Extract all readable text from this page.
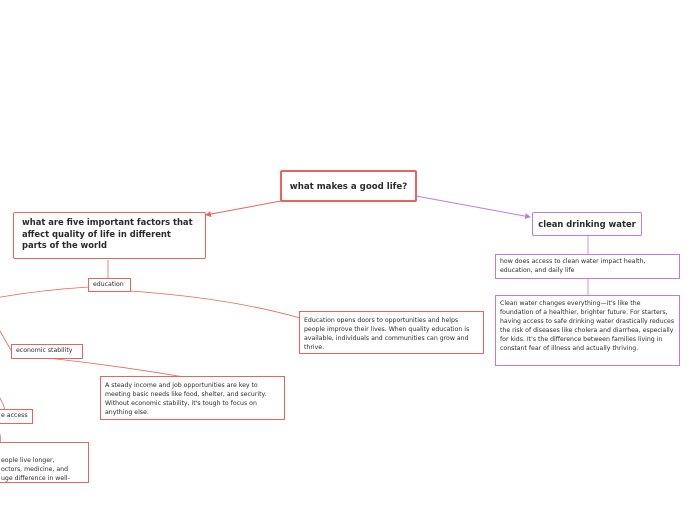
what makes a good life?
what are five important factors that affect quality of life in different parts of the world
clean drinking water
education
Education opens doors to opportunities and helps people improve their lives. When quality education is available, individuals and communities can grow and thrive.
economic stability
A steady income and job opportunities are key to meeting basic needs like food, shelter, and security. Without economic stability, it's tough to focus on anything else.
e access

eople live longer,
octors, medicine, and
uge difference in well-

how does access to clean water impact health, education, and daily life
Clean water changes everything—it's like the foundation of a healthier, brighter future. For starters, having access to safe drinking water drastically reduces the risk of diseases like cholera and diarrhea, especially for kids. It's the difference between families living in constant fear of illness and actually thriving.
